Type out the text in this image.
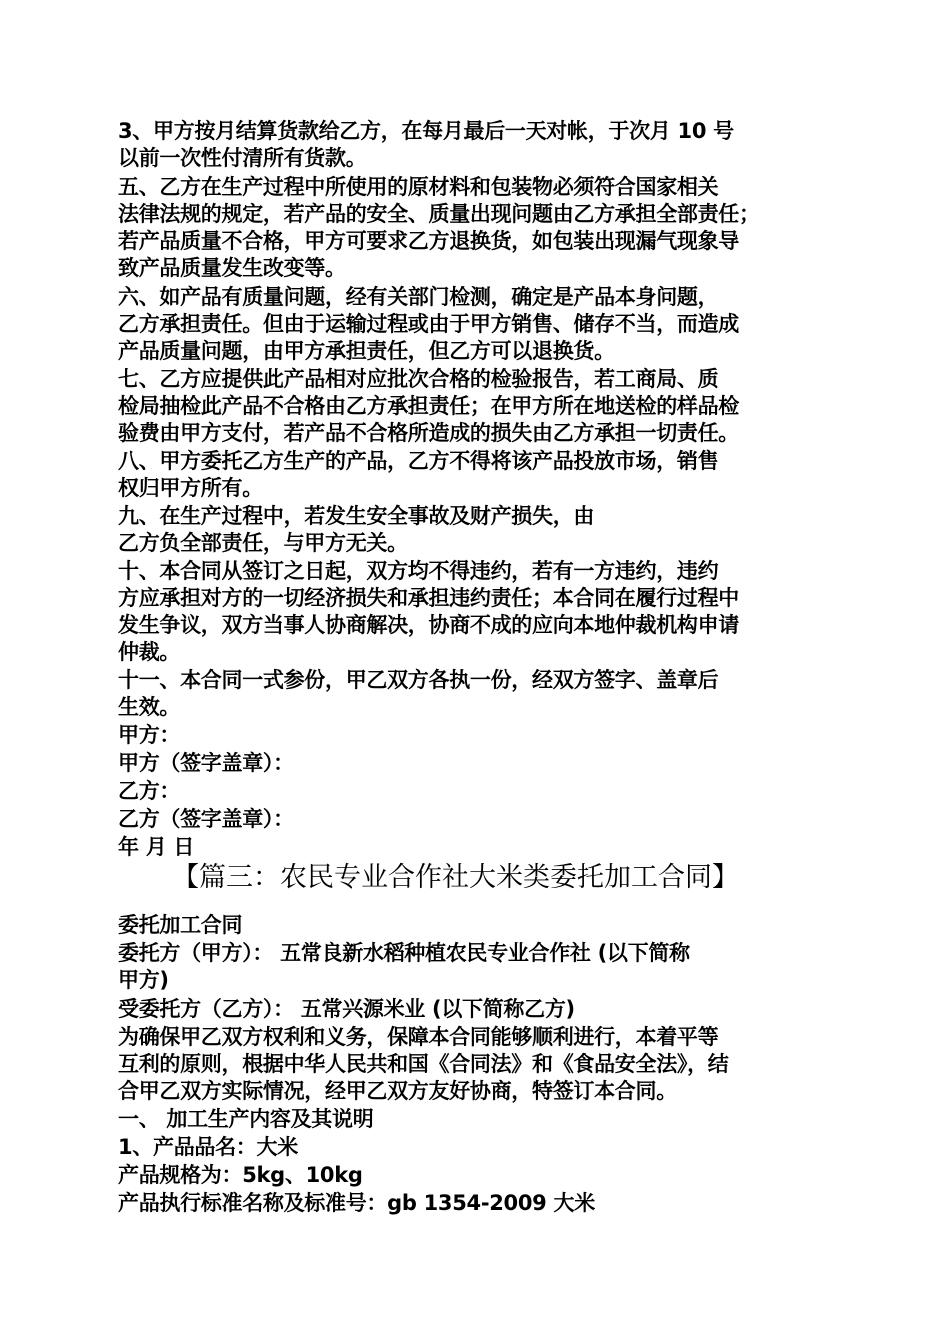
3、甲方按月结算货款给乙方，在每月最后一天对帐，于次月 10 号
以前一次性付清所有货款。
五、乙方在生产过程中所使用的原材料和包装物必须符合国家相关
法律法规的规定，若产品的安全、质量出现问题由乙方承担全部责任；
若产品质量不合格，甲方可要求乙方退换货，如包装出现漏气现象导
致产品质量发生改变等。
六、如产品有质量问题，经有关部门检测，确定是产品本身问题，
乙方承担责任。但由于运输过程或由于甲方销售、储存不当，而造成
产品质量问题，由甲方承担责任，但乙方可以退换货。
七、乙方应提供此产品相对应批次合格的检验报告，若工商局、质
检局抽检此产品不合格由乙方承担责任；在甲方所在地送检的样品检
验费由甲方支付，若产品不合格所造成的损失由乙方承担一切责任。
八、甲方委托乙方生产的产品，乙方不得将该产品投放市场，销售
权归甲方所有。
九、在生产过程中，若发生安全事故及财产损失，由
乙方负全部责任，与甲方无关。
十、本合同从签订之日起，双方均不得违约，若有一方违约，违约
方应承担对方的一切经济损失和承担违约责任；本合同在履行过程中
发生争议，双方当事人协商解决，协商不成的应向本地仲裁机构申请
仲裁。
十一、本合同一式参份，甲乙双方各执一份，经双方签字、盖章后
生效。
甲方：
甲方（签字盖章）：
乙方：
乙方（签字盖章）：
年 月 日
【篇三：农民专业合作社大米类委托加工合同】
委托加工合同
委托方（甲方）： 五常良新水稻种植农民专业合作社 (以下简称
甲方)
受委托方（乙方）： 五常兴源米业 (以下简称乙方)
为确保甲乙双方权利和义务，保障本合同能够顺利进行，本着平等
互利的原则，根据中华人民共和国《合同法》和《食品安全法》，结
合甲乙双方实际情况，经甲乙双方友好协商，特签订本合同。
一、 加工生产内容及其说明
1、产品品名：大米
产品规格为：5kg、10kg
产品执行标准名称及标准号：gb 1354-2009 大米
